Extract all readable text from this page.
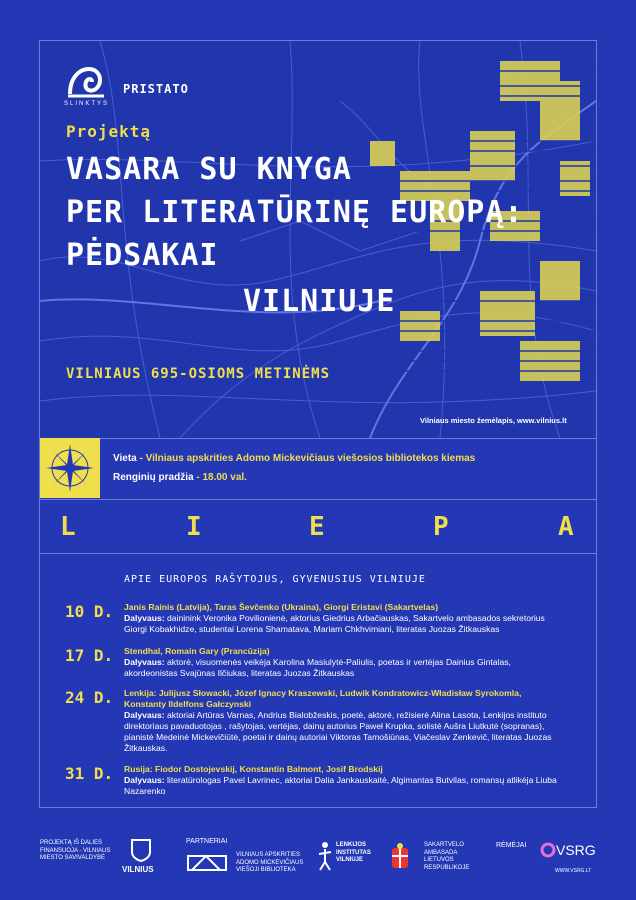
SLINKTYS
PRISTATO
Projektą
VASARA SU KNYGA
PER LITERATŪRINĘ EUROPĄ:
PĖDSAKAI
VILNIUJE
VILNIAUS 695-OSIOMS METINĖMS
Vilniaus miesto žemėlapis, www.vilnius.lt
Vieta - Vilniaus apskrities Adomo Mickevičiaus viešosios bibliotekos kiemas
Renginių pradžia - 18.00 val.
L	I	E	P	A
APIE EUROPOS RAŠYTOJUS, GYVENUSIUS VILNIUJE
10 D. Janis Rainis (Latvija), Taras Ševčenko (Ukraina), Giorgi Eristavi (Sakartvelas)
Dalyvaus: daininink Veronika Povilionienė, aktorius Giedrius Arbačiauskas, Sakartvelo ambasados sekretorius Giorgi Kobakhidze, studentai Lorena Shamatava, Mariam Chkhvimiani, literatas Juozas Žitkauskas
17 D. Stendhal, Romain Gary (Prancūzija)
Dalyvaus: aktorė, visuomenės veikėja Karolina Masiulytė-Paliulis, poetas ir vertėjas Dainius Gintalas, akordeonistas Svajūnas Ilčiukas, literatas Juozas Žitkauskas
24 D. Lenkija: Julijusz Słowacki, Józef Ignacy Kraszewski, Ludwik Kondratowicz-Władisław Syrokomla, Konstanty Ildelfons Gałczynski
Dalyvaus: aktoriai Artūras Varnas, Andrius Bialobžeskis, poetė, aktorė, režisierė Alina Lasota, Lenkijos instituto direktoriaus pavaduotojas , rašytojas, vertėjas, dainų autorius Paweł Krupka, solistė Aušra Liutkutė (sopranas), pianistė Medeinė Mickevičiūtė, poetai ir dainų autoriai Viktoras Tamošiūnas, Viačeslav Zenkevič, literatas Juozas Žitkauskas.
31 D. Rusija: Fiodor Dostojevskij, Konstantin Balmont, Josif Brodskij
Dalyvaus: literatūrologas Pavel Lavrinec, aktoriai Dalia Jankauskaitė, Algimantas Butvilas, romansų atlikėja Liuba Nazarenko
PROJEKTĄ IŠ DALIES FINANSUOJA - VILNIAUS MIESTO SAVIVALDYBĖ
VILNIUS
PARTNERIAI
VILNIAUS APSKRITIES ADOMO MICKEVIČIAUS VIEŠOJI BIBLIOTEKA
LENKIJOS INSTITUTAS VILNIUJE
SAKARTVELO AMBASADA LIETUVOS RESPUBLIKOJE
RĖMĖJAI VSRG
WWW.VSRG.LT
